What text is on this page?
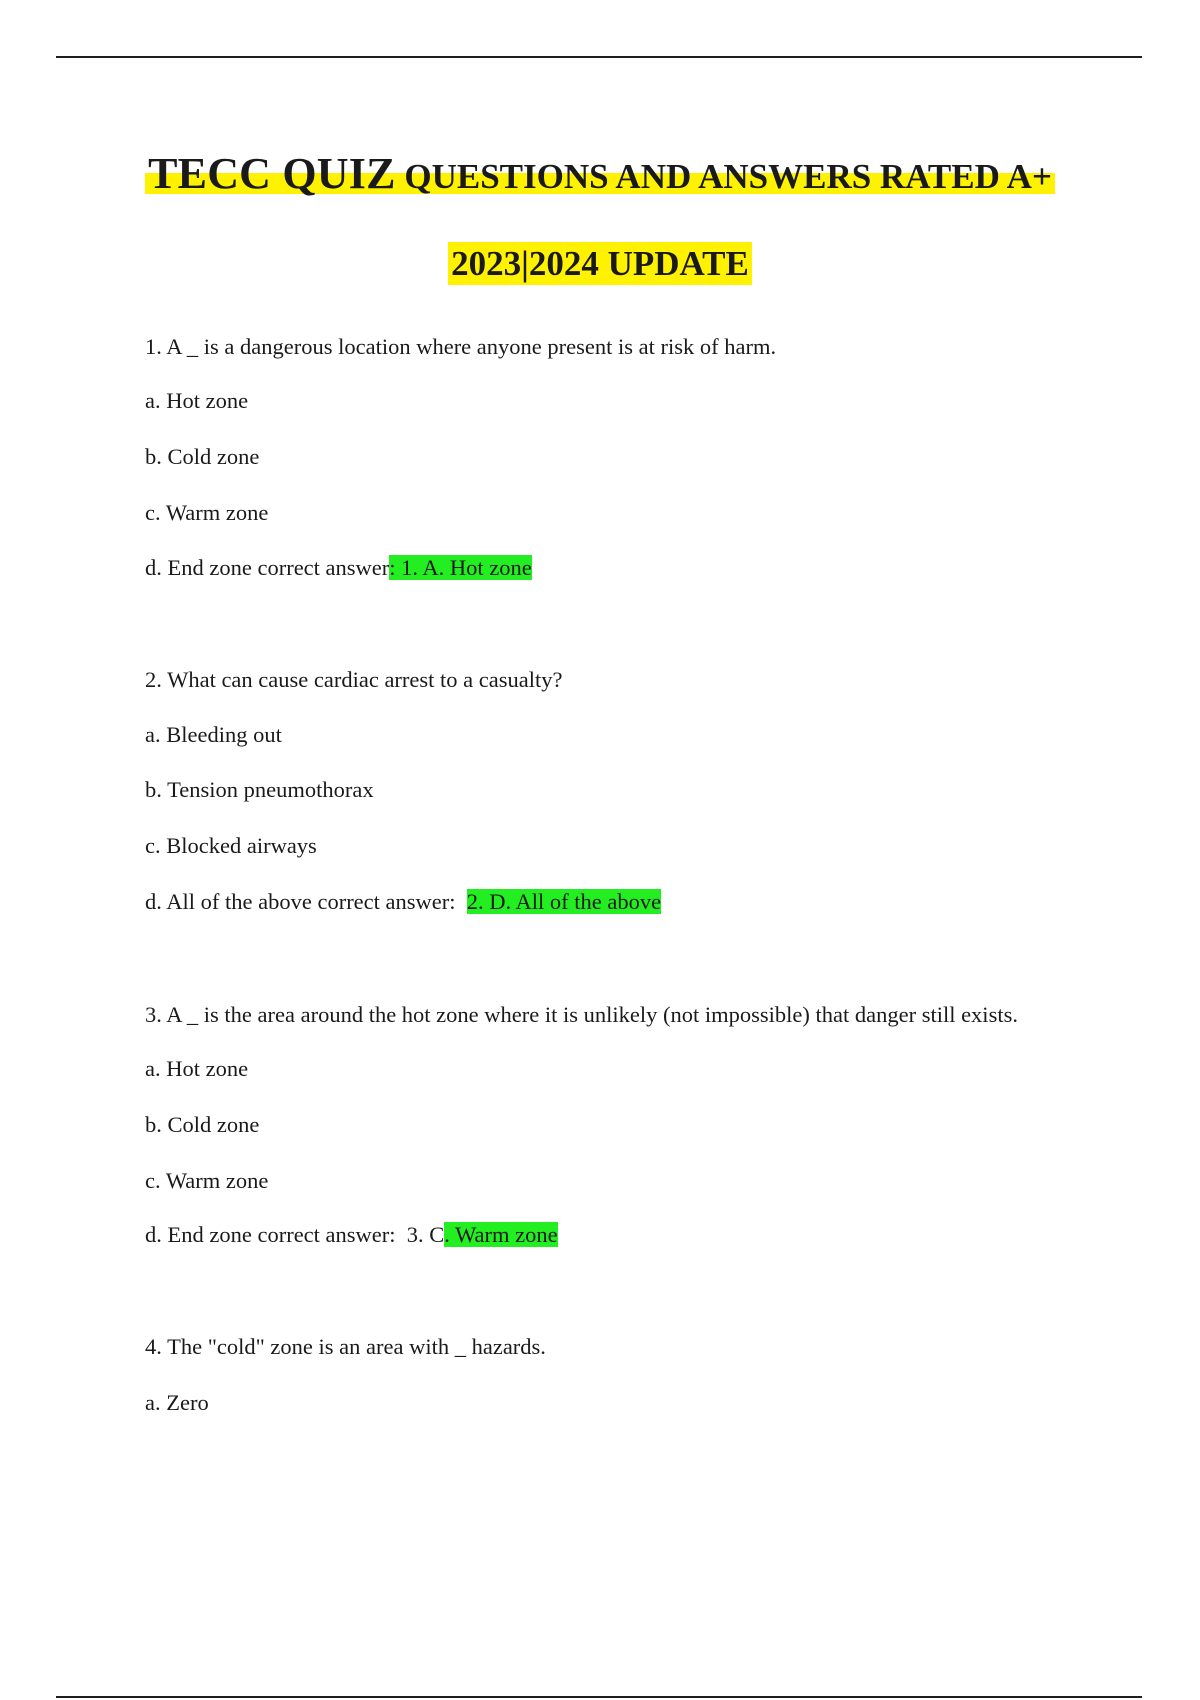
TECC QUIZ QUESTIONS AND ANSWERS RATED A+
2023|2024 UPDATE
1. A _ is a dangerous location where anyone present is at risk of harm.
a. Hot zone
b. Cold zone
c. Warm zone
d. End zone correct answer: 1. A. Hot zone
2. What can cause cardiac arrest to a casualty?
a. Bleeding out
b. Tension pneumothorax
c. Blocked airways
d. All of the above correct answer:  2. D. All of the above
3. A _ is the area around the hot zone where it is unlikely (not impossible) that danger still exists.
a. Hot zone
b. Cold zone
c. Warm zone
d. End zone correct answer:  3. C. Warm zone
4. The "cold" zone is an area with _ hazards.
a. Zero
